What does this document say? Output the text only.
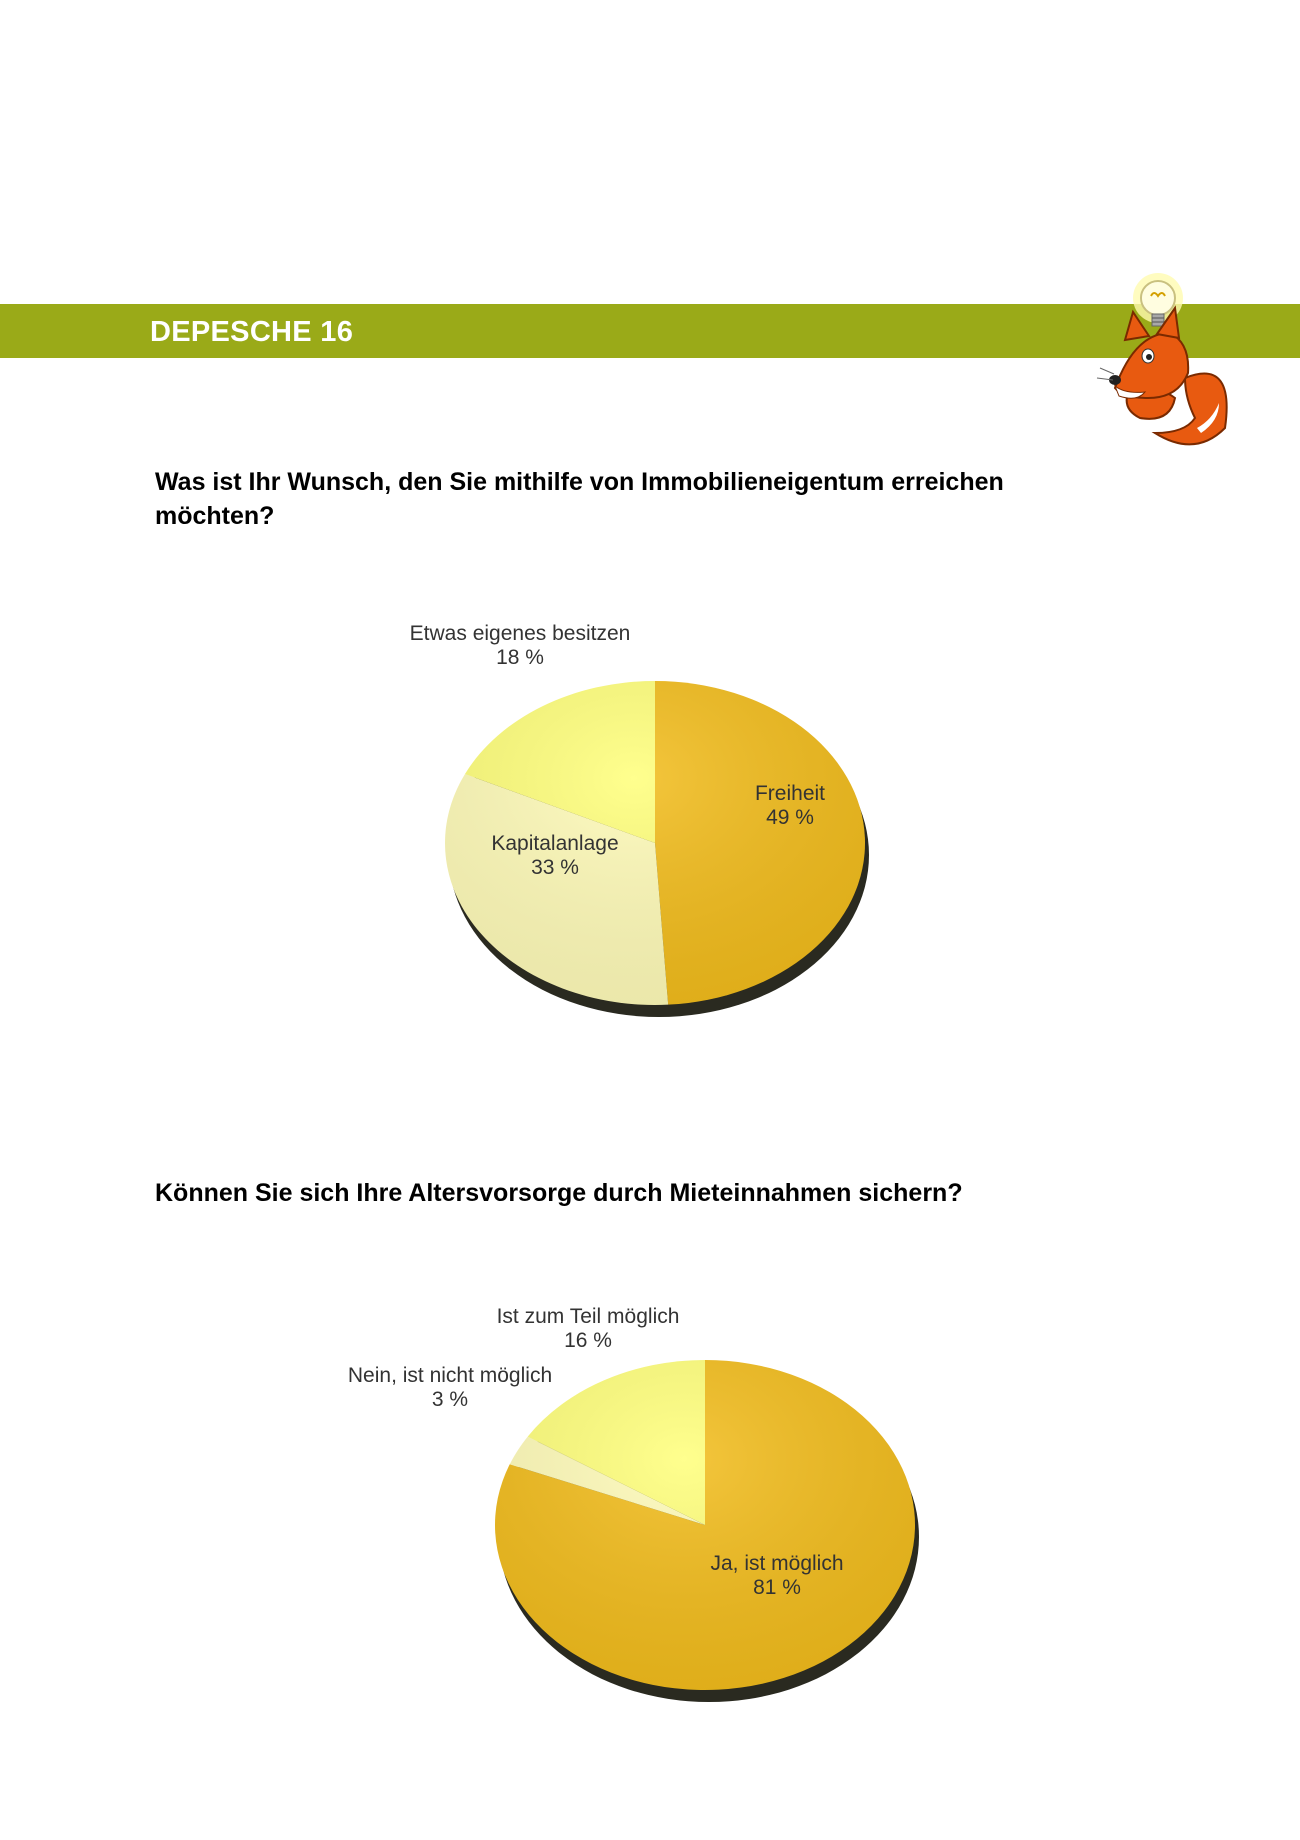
DEPESCHE 16
Was ist Ihr Wunsch, den Sie mithilfe von Immobilieneigentum erreichen möchten?
Können Sie sich Ihre Altersvorsorge durch Mieteinnahmen sichern?
Freiheit
49 %
Kapitalanlage
33 %
Etwas eigenes besitzen
18 %
Ja, ist möglich
81 %
Nein, ist nicht möglich
3 %
Ist zum Teil möglich
16 %
